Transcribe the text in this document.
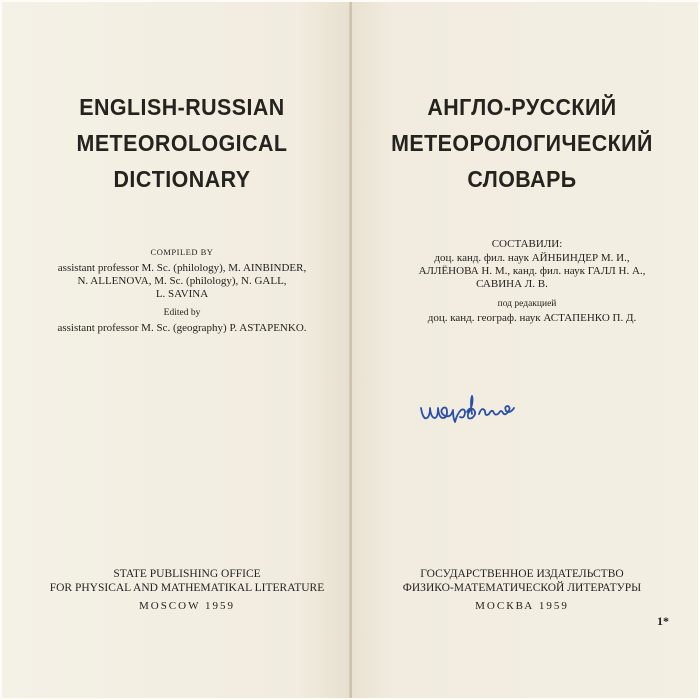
ENGLISH-RUSSIAN
METEOROLOGICAL
DICTIONARY
COMPILED BY
assistant professor M. Sc. (philology), M. AINBINDER,
N. ALLENOVA, M. Sc. (philology), N. GALL,
L. SAVINA
Edited by
assistant professor M. Sc. (geography) P. ASTAPENKO.
STATE PUBLISHING OFFICE
FOR PHYSICAL AND MATHEMATIKAL LITERATURE
MOSCOW 1959
АНГЛО-РУССКИЙ
МЕТЕОРОЛОГИЧЕСКИЙ
СЛОВАРЬ
СОСТАВИЛИ:
доц. канд. фил. наук АЙНБИНДЕР М. И.,
АЛЛЁНОВА Н. М., канд. фил. наук ГАЛЛ Н. А.,
САВИНА Л. В.
под редакцией
доц. канд. географ. наук АСТАПЕНКО П. Д.
ГОСУДАРСТВЕННОЕ ИЗДАТЕЛЬСТВО
ФИЗИКО-МАТЕМАТИЧЕСКОЙ ЛИТЕРАТУРЫ
МОСКВА 1959
1*
